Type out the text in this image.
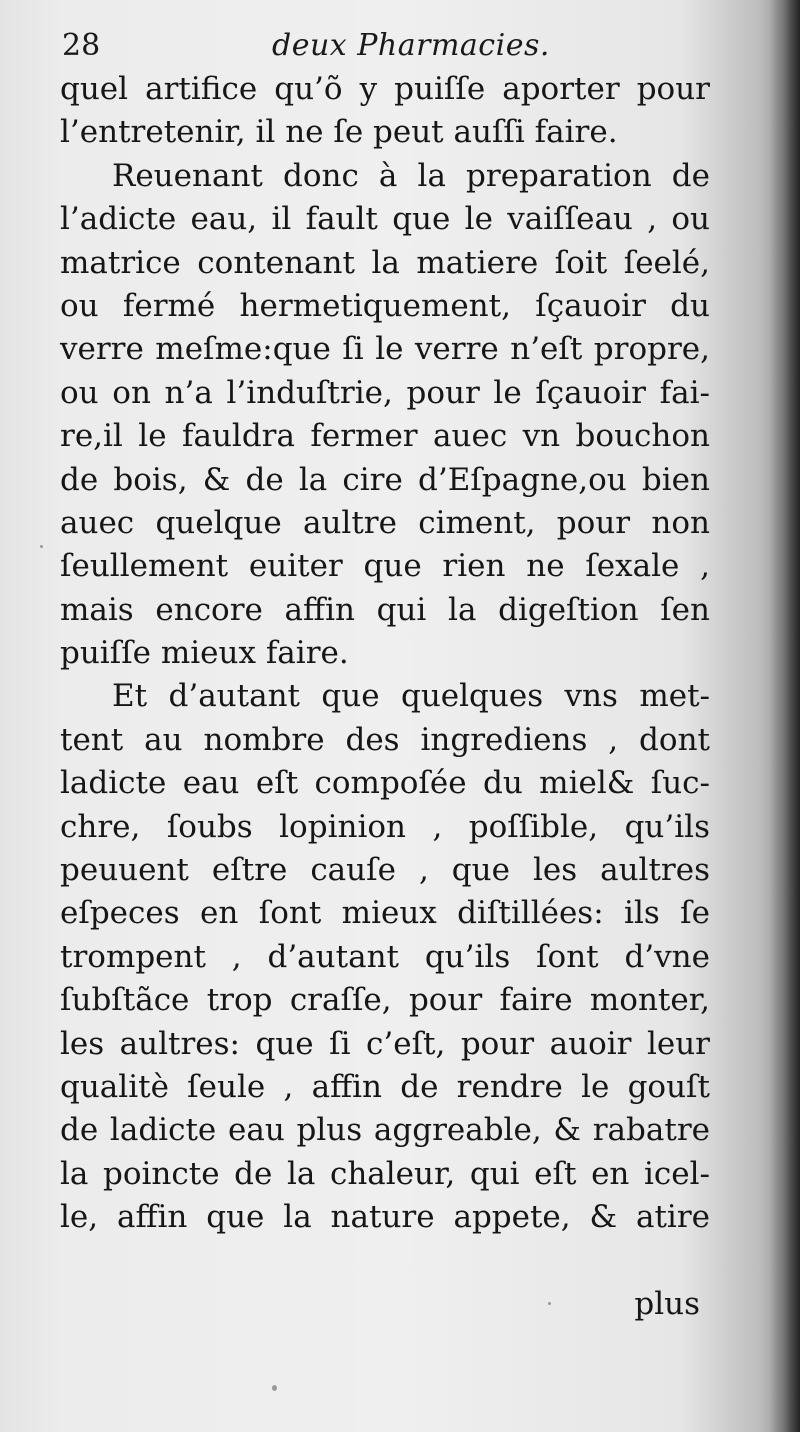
28	deux Pharmacies.
quel artifice qu’õ y puiſſe aporter pour
l’entretenir, il ne ſe peut auſſi faire.
Reuenant donc à la preparation de
l’adicte eau, il fault que le vaiſſeau , ou
matrice contenant la matiere ſoit ſeelé,
ou fermé hermetiquement, ſçauoir du
verre meſme:que ſi le verre n’eſt propre,
ou on n’a l’induſtrie, pour le ſçauoir fai-
re,il le fauldra fermer auec vn bouchon
de bois, & de la cire d’Eſpagne,ou bien
auec quelque aultre ciment, pour non
ſeullement euiter que rien ne ſexale ,
mais encore affin qui la digeſtion ſen
puiſſe mieux faire.
Et d’autant que quelques vns met-
tent au nombre des ingrediens , dont
ladicte eau eſt compoſée du miel& ſuc-
chre, ſoubs lopinion , poſſible, qu’ils
peuuent eſtre cauſe , que les aultres
eſpeces en ſont mieux diſtillées: ils ſe
trompent , d’autant qu’ils ſont d’vne
ſubſtãce trop craſſe, pour faire monter,
les aultres: que ſi c’eſt, pour auoir leur
qualitè ſeule , affin de rendre le gouſt
de ladicte eau plus aggreable, & rabatre
la poincte de la chaleur, qui eſt en icel-
le, affin que la nature appete, & atire
plus
